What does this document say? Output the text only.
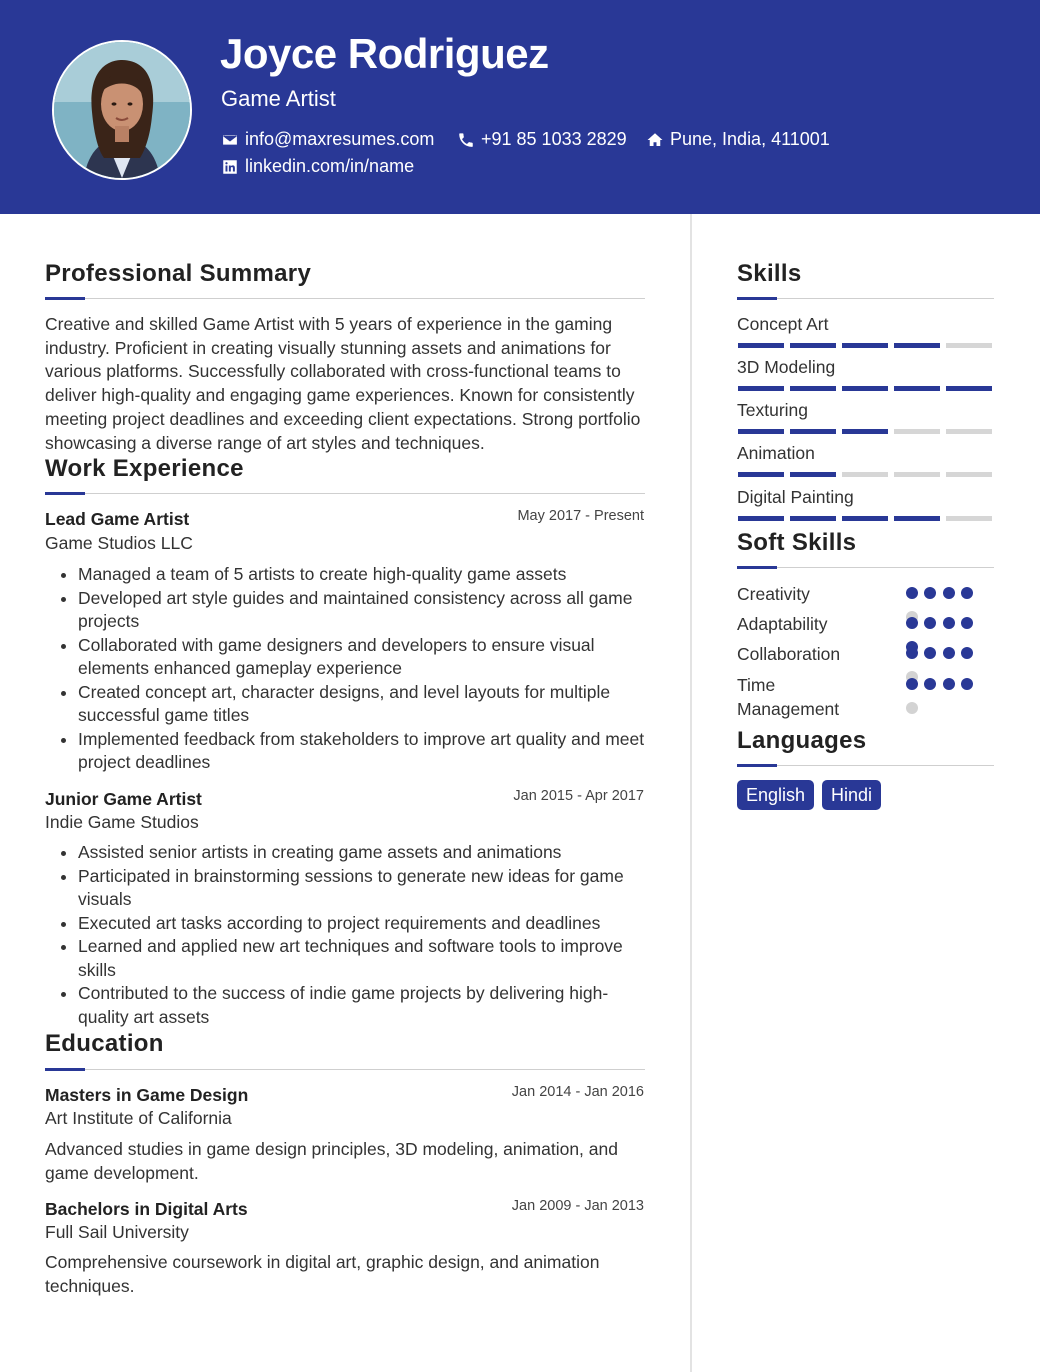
Joyce Rodriguez
Game Artist
info@maxresumes.com	+91 85 1033 2829 Pune, India, 411001
linkedin.com/in/name
Professional Summary
Creative and skilled Game Artist with 5 years of experience in the gaming industry. Proficient in creating visually stunning assets and animations for various platforms. Successfully collaborated with cross-functional teams to deliver high-quality and engaging game experiences. Known for consistently meeting project deadlines and exceeding client expectations. Strong portfolio showcasing a diverse range of art styles and techniques.
Work Experience
Lead Game Artist	May 2017 - Present
Game Studios LLC
• Managed a team of 5 artists to create high-quality game assets
• Developed art style guides and maintained consistency across all game projects
• Collaborated with game designers and developers to ensure visual elements enhanced gameplay experience
• Created concept art, character designs, and level layouts for multiple successful game titles
• Implemented feedback from stakeholders to improve art quality and meet project deadlines
Junior Game Artist	Jan 2015 - Apr 2017
Indie Game Studios
• Assisted senior artists in creating game assets and animations
• Participated in brainstorming sessions to generate new ideas for game visuals
• Executed art tasks according to project requirements and deadlines
• Learned and applied new art techniques and software tools to improve skills
• Contributed to the success of indie game projects by delivering high-quality art assets
Education
Masters in Game Design	Jan 2014 - Jan 2016
Art Institute of California
Advanced studies in game design principles, 3D modeling, animation, and game development.
Bachelors in Digital Arts	Jan 2009 - Jan 2013
Full Sail University
Comprehensive coursework in digital art, graphic design, and animation techniques.
Skills
Concept Art
3D Modeling
Texturing
Animation
Digital Painting
Soft Skills
Creativity
Adaptability
Collaboration
Time Management
Languages
English	Hindi
